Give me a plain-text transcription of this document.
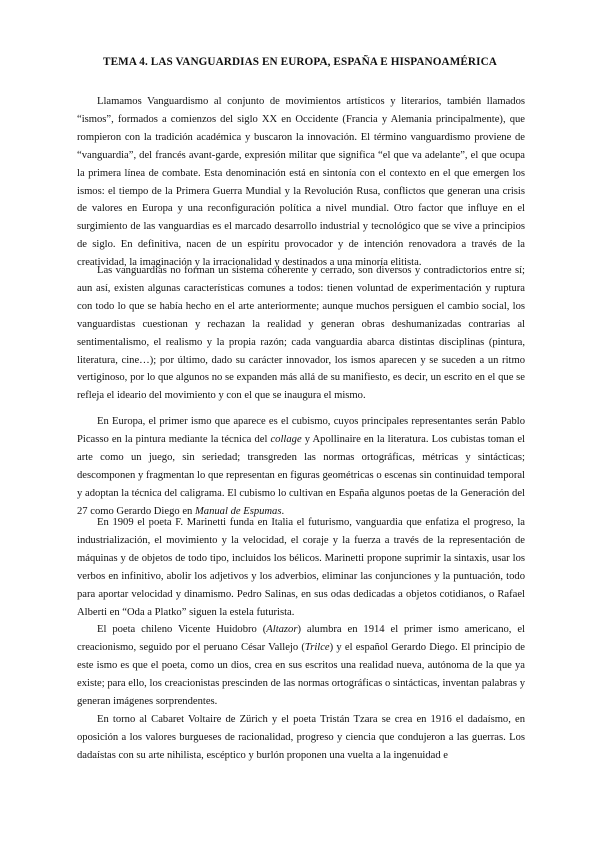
TEMA 4. LAS VANGUARDIAS EN EUROPA, ESPAÑA E HISPANOAMÉRICA

Llamamos Vanguardismo al conjunto de movimientos artísticos y literarios, también llamados “ismos”, formados a comienzos del siglo XX en Occidente (Francia y Alemania principalmente), que rompieron con la tradición académica y buscaron la innovación. El término vanguardismo proviene de “vanguardia”, del francés avant-garde, expresión militar que significa “el que va adelante”, el que ocupa la primera línea de combate. Esta denominación está en sintonía con el contexto en el que emergen los ismos: el tiempo de la Primera Guerra Mundial y la Revolución Rusa, conflictos que generan una crisis de valores en Europa y una reconfiguración política a nivel mundial. Otro factor que influye en el surgimiento de las vanguardias es el marcado desarrollo industrial y tecnológico que se vive a principios de siglo. En definitiva, nacen de un espíritu provocador y de intención renovadora a través de la creatividad, la imaginación y la irracionalidad y destinados a una minoría elitista.

Las vanguardias no forman un sistema coherente y cerrado, son diversos y contradictorios entre sí; aun así, existen algunas características comunes a todos: tienen voluntad de experimentación y ruptura con todo lo que se había hecho en el arte anteriormente; aunque muchos persiguen el cambio social, los vanguardistas cuestionan y rechazan la realidad y generan obras deshumanizadas contrarias al sentimentalismo, el realismo y la propia razón; cada vanguardia abarca distintas disciplinas (pintura, literatura, cine…); por último, dado su carácter innovador, los ismos aparecen y se suceden a un ritmo vertiginoso, por lo que algunos no se expanden más allá de su manifiesto, es decir, un escrito en el que se refleja el ideario del movimiento y con el que se inaugura el mismo.

En Europa, el primer ismo que aparece es el cubismo, cuyos principales representantes serán Pablo Picasso en la pintura mediante la técnica del collage y Apollinaire en la literatura. Los cubistas toman el arte como un juego, sin seriedad; transgreden las normas ortográficas, métricas y sintácticas; descomponen y fragmentan lo que representan en figuras geométricas o escenas sin continuidad temporal y adoptan la técnica del caligrama. El cubismo lo cultivan en España algunos poetas de la Generación del 27 como Gerardo Diego en Manual de Espumas.

En 1909 el poeta F. Marinetti funda en Italia el futurismo, vanguardia que enfatiza el progreso, la industrialización, el movimiento y la velocidad, el coraje y la fuerza a través de la representación de máquinas y de objetos de todo tipo, incluidos los bélicos. Marinetti propone suprimir la sintaxis, usar los verbos en infinitivo, abolir los adjetivos y los adverbios, eliminar las conjunciones y la puntuación, todo para aportar velocidad y dinamismo. Pedro Salinas, en sus odas dedicadas a objetos cotidianos, o Rafael Alberti en “Oda a Platko” siguen la estela futurista.

El poeta chileno Vicente Huidobro (Altazor) alumbra en 1914 el primer ismo americano, el creacionismo, seguido por el peruano César Vallejo (Trilce) y el español Gerardo Diego. El principio de este ismo es que el poeta, como un dios, crea en sus escritos una realidad nueva, autónoma de la que ya existe; para ello, los creacionistas prescinden de las normas ortográficas o sintácticas, inventan palabras y generan imágenes sorprendentes.

En torno al Cabaret Voltaire de Zürich y el poeta Tristán Tzara se crea en 1916 el dadaísmo, en oposición a los valores burgueses de racionalidad, progreso y ciencia que condujeron a las guerras. Los dadaístas con su arte nihilista, escéptico y burlón proponen una vuelta a la ingenuidad e
